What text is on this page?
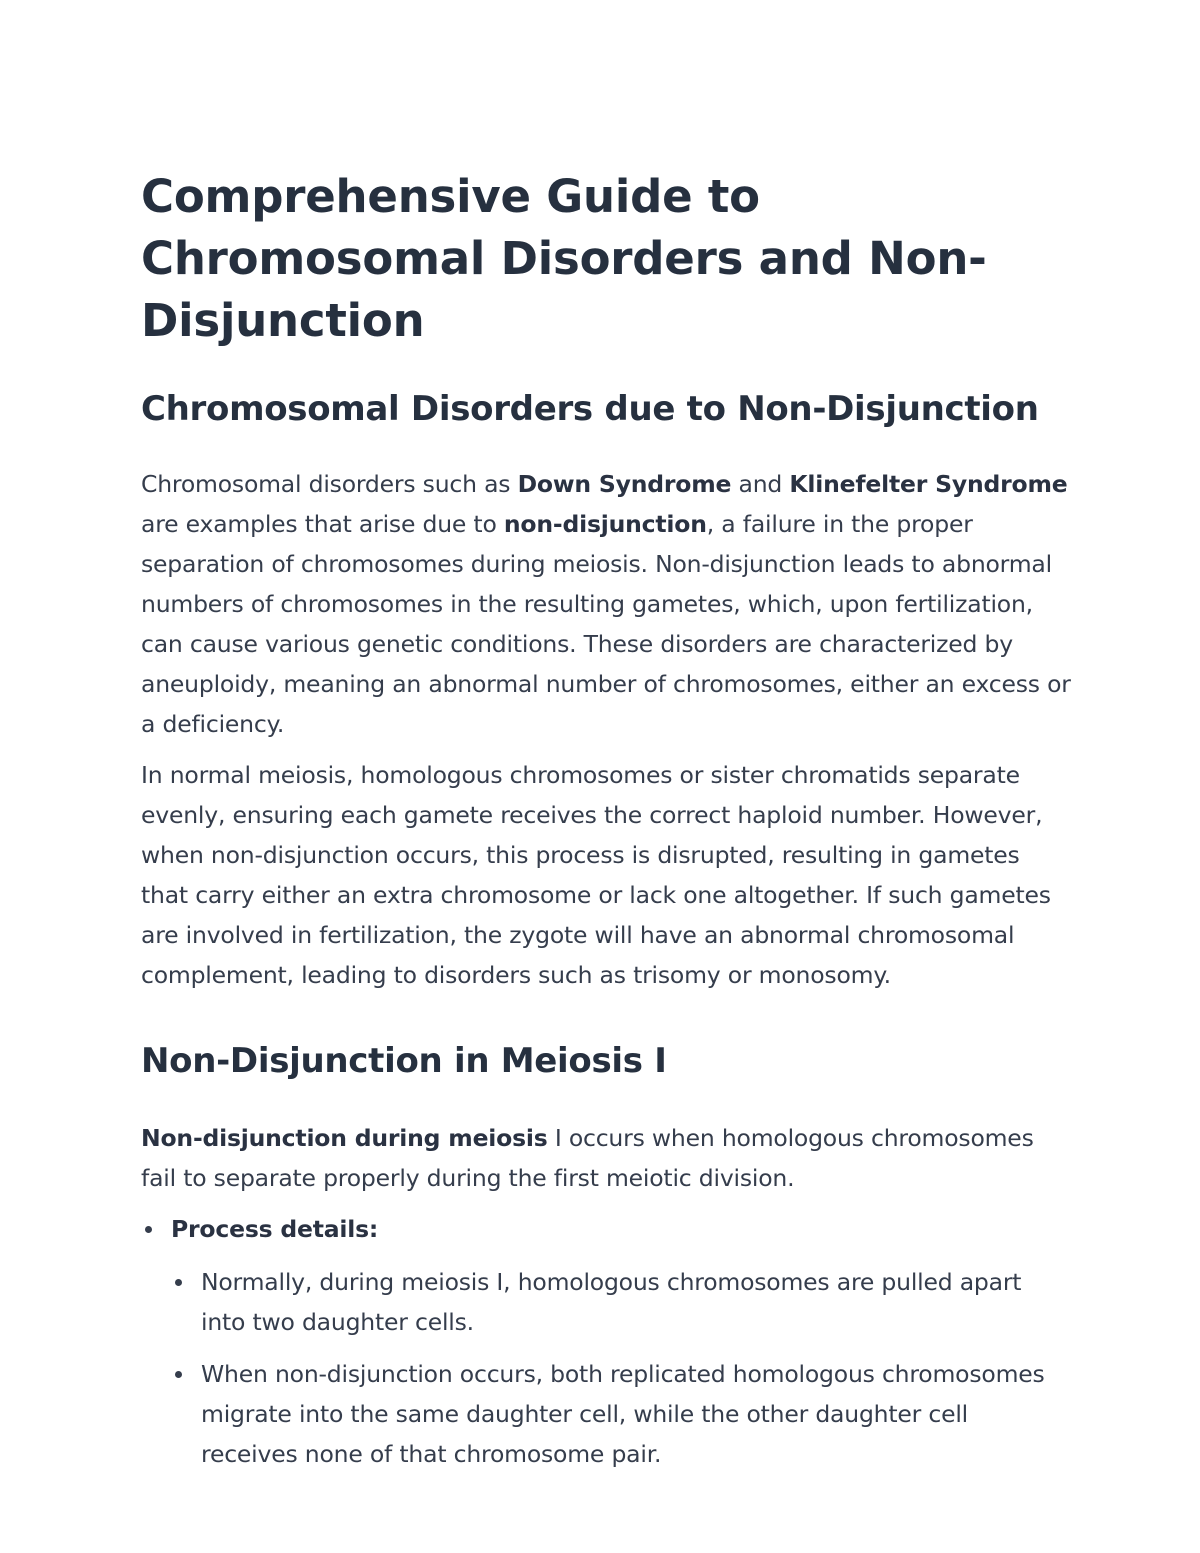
Comprehensive Guide to Chromosomal Disorders and Non-Disjunction
Chromosomal Disorders due to Non-Disjunction

Chromosomal disorders such as Down Syndrome and Klinefelter Syndrome are examples that arise due to non-disjunction, a failure in the proper separation of chromosomes during meiosis. Non-disjunction leads to abnormal numbers of chromosomes in the resulting gametes, which, upon fertilization, can cause various genetic conditions. These disorders are characterized by aneuploidy, meaning an abnormal number of chromosomes, either an excess or a deficiency.

In normal meiosis, homologous chromosomes or sister chromatids separate evenly, ensuring each gamete receives the correct haploid number. However, when non-disjunction occurs, this process is disrupted, resulting in gametes that carry either an extra chromosome or lack one altogether. If such gametes are involved in fertilization, the zygote will have an abnormal chromosomal complement, leading to disorders such as trisomy or monosomy.

Non-Disjunction in Meiosis I

Non-disjunction during meiosis I occurs when homologous chromosomes fail to separate properly during the first meiotic division.

Process details:
Normally, during meiosis I, homologous chromosomes are pulled apart into two daughter cells.
When non-disjunction occurs, both replicated homologous chromosomes migrate into the same daughter cell, while the other daughter cell receives none of that chromosome pair.
